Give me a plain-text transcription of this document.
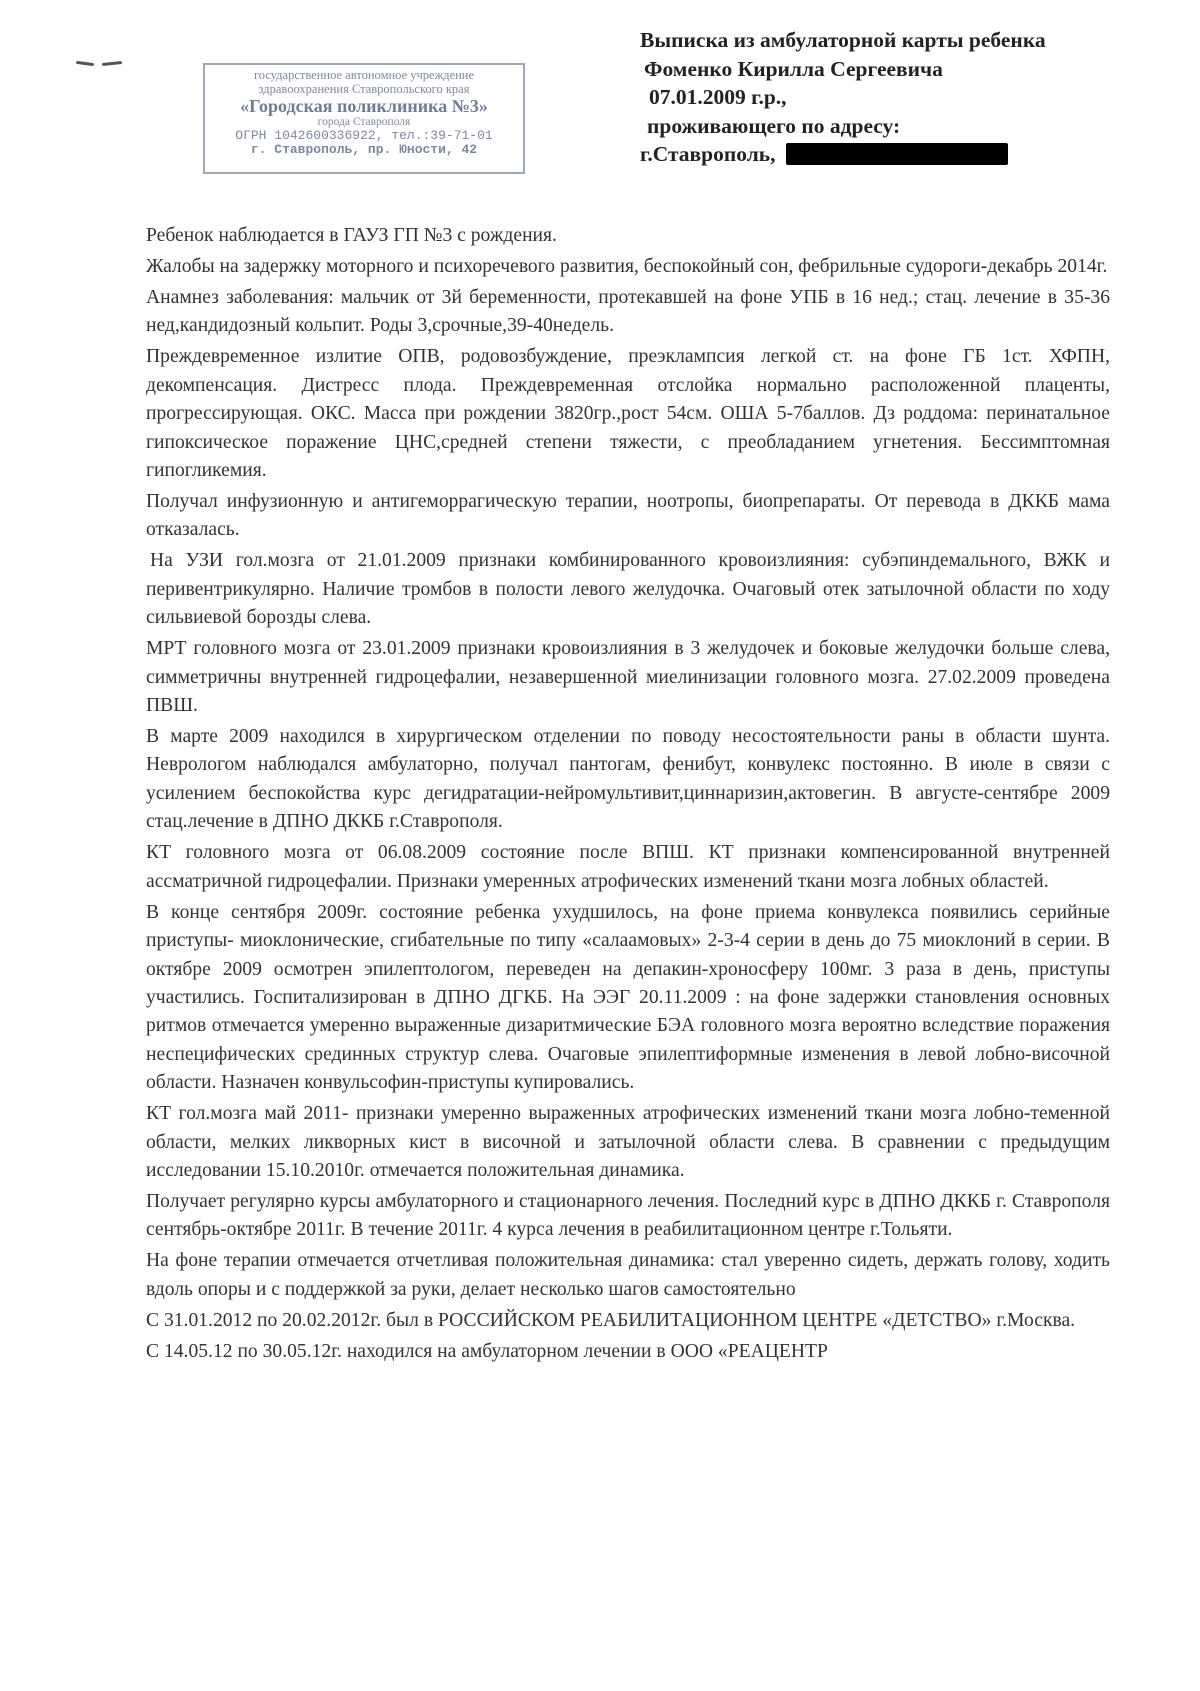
государственное автономное учреждение
здравоохранения Ставропольского края
«Городская поликлиника №3»
города Ставрополя
ОГРН 1042600336922, тел.:39-71-01
г. Ставрополь, пр. Юности, 42
Выписка из амбулаторной карты ребенка
Фоменко Кирилла Сергеевича
07.01.2009 г.р.,
проживающего по адресу:
г.Ставрополь,

Ребенок наблюдается в ГАУЗ ГП №3 с рождения.

Жалобы на задержку моторного и психоречевого развития, беспокойный сон, фебрильные судороги-декабрь 2014г.

Анамнез заболевания: мальчик от 3й беременности, протекавшей на фоне УПБ в 16 нед.; стац. лечение в 35-36 нед,кандидозный кольпит. Роды 3,срочные,39-40недель.

Преждевременное излитие ОПВ, родовозбуждение, преэклампсия легкой ст. на фоне ГБ 1ст. ХФПН, декомпенсация. Дистресс плода. Преждевременная отслойка нормально расположенной плаценты, прогрессирующая. ОКС. Масса при рождении 3820гр.,рост 54см. ОША 5-7баллов. Дз роддома: перинатальное гипоксическое поражение ЦНС,средней степени тяжести, с преобладанием угнетения. Бессимптомная гипогликемия.

Получал инфузионную и антигеморрагическую терапии, ноотропы, биопрепараты. От перевода в ДККБ мама отказалась.

На УЗИ гол.мозга от 21.01.2009 признаки комбинированного кровоизлияния: субэпиндемального, ВЖК и перивентрикулярно. Наличие тромбов в полости левого желудочка. Очаговый отек затылочной области по ходу сильвиевой борозды слева.

МРТ головного мозга от 23.01.2009 признаки кровоизлияния в 3 желудочек и боковые желудочки больше слева, симметричны внутренней гидроцефалии, незавершенной миелинизации головного мозга. 27.02.2009 проведена ПВШ.

В марте 2009 находился в хирургическом отделении по поводу несостоятельности раны в области шунта. Неврологом наблюдался амбулаторно, получал пантогам, фенибут, конвулекс постоянно. В июле в связи с усилением беспокойства курс дегидратации-нейромультивит,циннаризин,актовегин. В августе-сентябре 2009 стац.лечение в ДПНО ДККБ г.Ставрополя.

КТ головного мозга от 06.08.2009 состояние после ВПШ. КТ признаки компенсированной внутренней ассматричной гидроцефалии. Признаки умеренных атрофических изменений ткани мозга лобных областей.

В конце сентября 2009г. состояние ребенка ухудшилось, на фоне приема конвулекса появились серийные приступы- миоклонические, сгибательные по типу «салаамовых» 2-3-4 серии в день до 75 миоклоний в серии. В октябре 2009 осмотрен эпилептологом, переведен на депакин-хроносферу 100мг. 3 раза в день, приступы участились. Госпитализирован в ДПНО ДГКБ. На ЭЭГ 20.11.2009 : на фоне задержки становления основных ритмов отмечается умеренно выраженные дизаритмические БЭА головного мозга вероятно вследствие поражения неспецифических срединных структур слева. Очаговые эпилептиформные изменения в левой лобно-височной области. Назначен конвульсофин-приступы купировались.

КТ гол.мозга май 2011- признаки умеренно выраженных атрофических изменений ткани мозга лобно-теменной области, мелких ликворных кист в височной и затылочной области слева. В сравнении с предыдущим исследовании 15.10.2010г. отмечается положительная динамика.

Получает регулярно курсы амбулаторного и стационарного лечения. Последний курс в ДПНО ДККБ г. Ставрополя сентябрь-октябре 2011г. В течение 2011г. 4 курса лечения в реабилитационном центре г.Тольяти.

На фоне терапии отмечается отчетливая положительная динамика: стал уверенно сидеть, держать голову, ходить вдоль опоры и с поддержкой за руки, делает несколько шагов самостоятельно

С 31.01.2012 по 20.02.2012г. был в РОССИЙСКОМ РЕАБИЛИТАЦИОННОМ ЦЕНТРЕ «ДЕТСТВО» г.Москва.

С 14.05.12 по 30.05.12г. находился на амбулаторном лечении в ООО «РЕАЦЕНТР
